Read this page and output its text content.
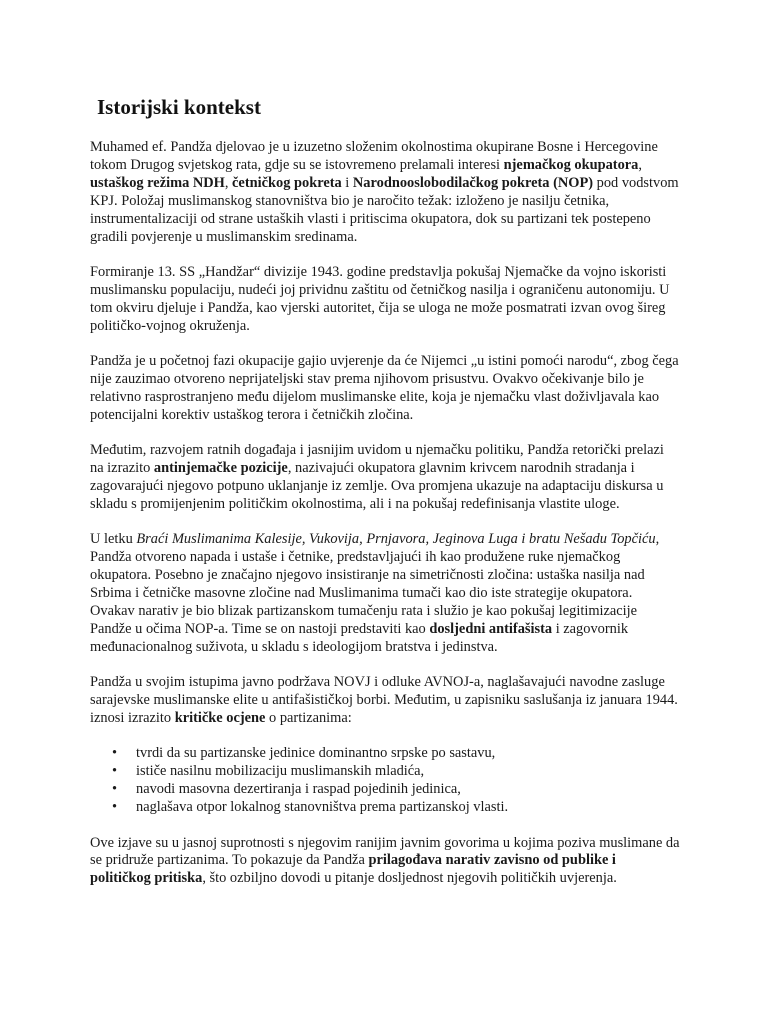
Istorijski kontekst

Muhamed ef. Pandža djelovao je u izuzetno složenim okolnostima okupirane Bosne i Hercegovine tokom Drugog svjetskog rata, gdje su se istovremeno prelamali interesi njemačkog okupatora, ustaškog režima NDH, četničkog pokreta i Narodnooslobodilačkog pokreta (NOP) pod vodstvom KPJ. Položaj muslimanskog stanovništva bio je naročito težak: izloženo je nasilju četnika, instrumentalizaciji od strane ustaških vlasti i pritiscima okupatora, dok su partizani tek postepeno gradili povjerenje u muslimanskim sredinama.

Formiranje 13. SS „Handžar“ divizije 1943. godine predstavlja pokušaj Njemačke da vojno iskoristi muslimansku populaciju, nudeći joj prividnu zaštitu od četničkog nasilja i ograničenu autonomiju. U tom okviru djeluje i Pandža, kao vjerski autoritet, čija se uloga ne može posmatrati izvan ovog šireg političko-vojnog okruženja.

Pandža je u početnoj fazi okupacije gajio uvjerenje da će Nijemci „u istini pomoći narodu“, zbog čega nije zauzimao otvoreno neprijateljski stav prema njihovom prisustvu. Ovakvo očekivanje bilo je relativno rasprostranjeno među dijelom muslimanske elite, koja je njemačku vlast doživljavala kao potencijalni korektiv ustaškog terora i četničkih zločina.

Međutim, razvojem ratnih događaja i jasnijim uvidom u njemačku politiku, Pandža retorički prelazi na izrazito antinjemačke pozicije, nazivajući okupatora glavnim krivcem narodnih stradanja i zagovarajući njegovo potpuno uklanjanje iz zemlje. Ova promjena ukazuje na adaptaciju diskursa u skladu s promijenjenim političkim okolnostima, ali i na pokušaj redefinisanja vlastite uloge.

U letku Braći Muslimanima Kalesije, Vukovija, Prnjavora, Jeginova Luga i bratu Nešadu Topčiću, Pandža otvoreno napada i ustaše i četnike, predstavljajući ih kao produžene ruke njemačkog okupatora. Posebno je značajno njegovo insistiranje na simetričnosti zločina: ustaška nasilja nad Srbima i četničke masovne zločine nad Muslimanima tumači kao dio iste strategije okupatora. Ovakav narativ je bio blizak partizanskom tumačenju rata i služio je kao pokušaj legitimizacije Pandže u očima NOP-a. Time se on nastoji predstaviti kao dosljedni antifašista i zagovornik međunacionalnog suživota, u skladu s ideologijom bratstva i jedinstva.

Pandža u svojim istupima javno podržava NOVJ i odluke AVNOJ-a, naglašavajući navodne zasluge sarajevske muslimanske elite u antifašističkoj borbi. Međutim, u zapisniku saslušanja iz januara 1944. iznosi izrazito kritičke ocjene o partizanima:

• tvrdi da su partizanske jedinice dominantno srpske po sastavu,
• ističe nasilnu mobilizaciju muslimanskih mladića,
• navodi masovna dezertiranja i raspad pojedinih jedinica,
• naglašava otpor lokalnog stanovništva prema partizanskoj vlasti.

Ove izjave su u jasnoj suprotnosti s njegovim ranijim javnim govorima u kojima poziva muslimane da se pridruže partizanima. To pokazuje da Pandža prilagođava narativ zavisno od publike i političkog pritiska, što ozbiljno dovodi u pitanje dosljednost njegovih političkih uvjerenja.
